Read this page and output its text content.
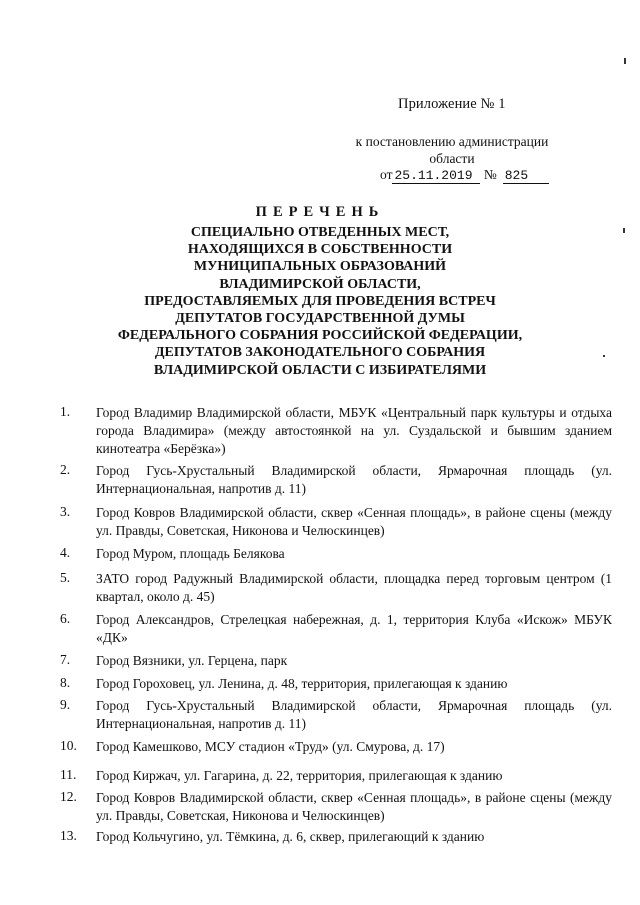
Приложение № 1
к постановлению администрации
области
от 25.11.2019 № 825
ПЕРЕЧЕНЬ
СПЕЦИАЛЬНО ОТВЕДЕННЫХ МЕСТ,
НАХОДЯЩИХСЯ В СОБСТВЕННОСТИ
МУНИЦИПАЛЬНЫХ ОБРАЗОВАНИЙ
ВЛАДИМИРСКОЙ ОБЛАСТИ,
ПРЕДОСТАВЛЯЕМЫХ ДЛЯ ПРОВЕДЕНИЯ ВСТРЕЧ
ДЕПУТАТОВ ГОСУДАРСТВЕННОЙ ДУМЫ
ФЕДЕРАЛЬНОГО СОБРАНИЯ РОССИЙСКОЙ ФЕДЕРАЦИИ,
ДЕПУТАТОВ ЗАКОНОДАТЕЛЬНОГО СОБРАНИЯ
ВЛАДИМИРСКОЙ ОБЛАСТИ С ИЗБИРАТЕЛЯМИ
1.	Город Владимир Владимирской области, МБУК «Центральный парк культуры и отдыха города Владимира» (между автостоянкой на ул. Суздальской и бывшим зданием кинотеатра «Берёзка»)
2.	Город Гусь-Хрустальный Владимирской области, Ярмарочная площадь (ул. Интернациональная, напротив д. 11)
3.	Город Ковров Владимирской области, сквер «Сенная площадь», в районе сцены (между ул. Правды, Советская, Никонова и Челюскинцев)
4.	Город Муром, площадь Белякова
5.	ЗАТО город Радужный Владимирской области, площадка перед торговым центром (1 квартал, около д. 45)
6.	Город Александров, Стрелецкая набережная, д. 1, территория Клуба «Искож» МБУК «ДК»
7.	Город Вязники, ул. Герцена, парк
8.	Город Гороховец, ул. Ленина, д. 48, территория, прилегающая к зданию
9.	Город Гусь-Хрустальный Владимирской области, Ярмарочная площадь (ул. Интернациональная, напротив д. 11)
10.	Город Камешково, МСУ стадион «Труд» (ул. Смурова, д. 17)
11.	Город Киржач, ул. Гагарина, д. 22, территория, прилегающая к зданию
12.	Город Ковров Владимирской области, сквер «Сенная площадь», в районе сцены (между ул. Правды, Советская, Никонова и Челюскинцев)
13.	Город Кольчугино, ул. Тёмкина, д. 6, сквер, прилегающий к зданию
